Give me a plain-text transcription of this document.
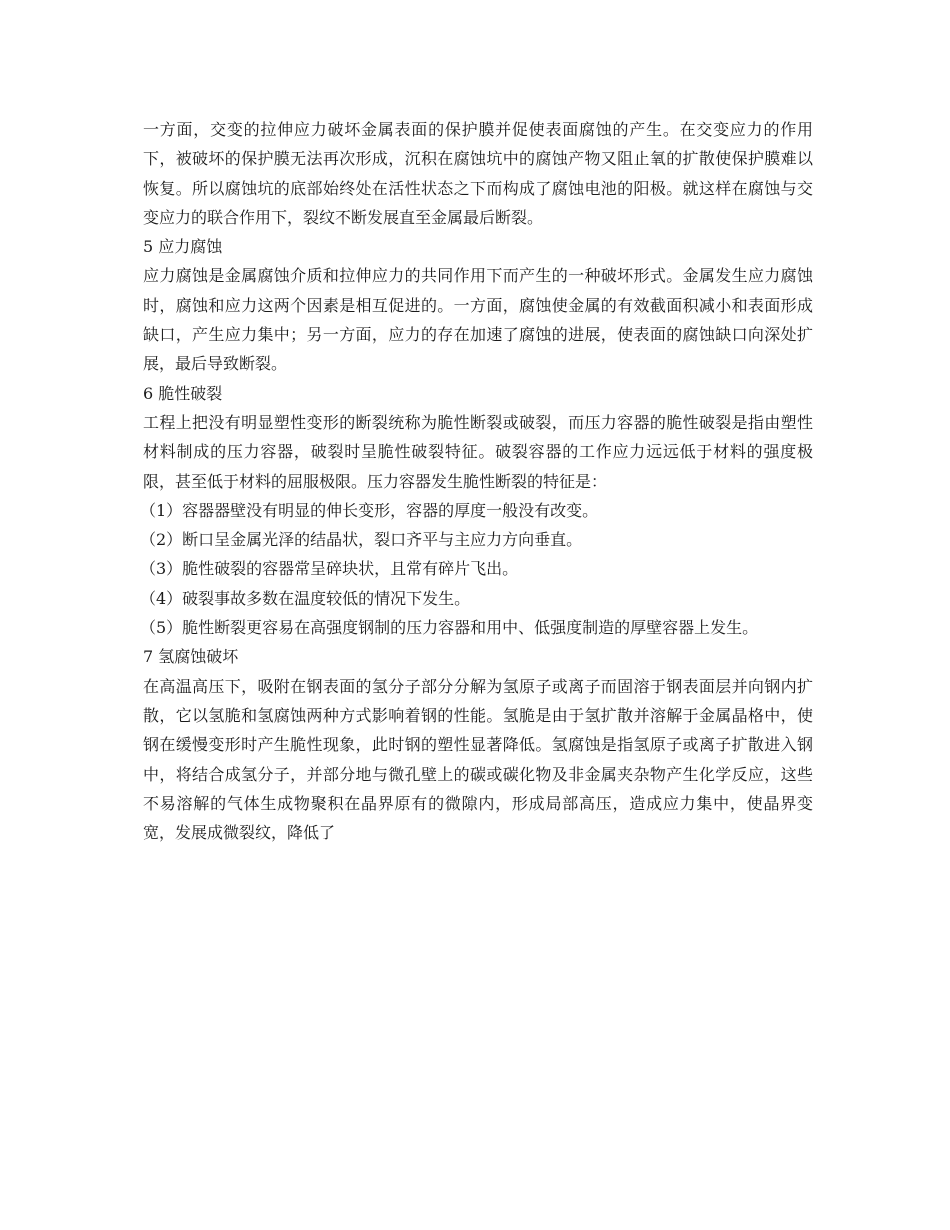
一方面，交变的拉伸应力破坏金属表面的保护膜并促使表面腐蚀的产生。在交变应力的作用下，被破坏的保护膜无法再次形成，沉积在腐蚀坑中的腐蚀产物又阻止氧的扩散使保护膜难以恢复。所以腐蚀坑的底部始终处在活性状态之下而构成了腐蚀电池的阳极。就这样在腐蚀与交变应力的联合作用下，裂纹不断发展直至金属最后断裂。

5 应力腐蚀

应力腐蚀是金属腐蚀介质和拉伸应力的共同作用下而产生的一种破坏形式。金属发生应力腐蚀时，腐蚀和应力这两个因素是相互促进的。一方面，腐蚀使金属的有效截面积减小和表面形成缺口，产生应力集中；另一方面，应力的存在加速了腐蚀的进展，使表面的腐蚀缺口向深处扩展，最后导致断裂。

6 脆性破裂

工程上把没有明显塑性变形的断裂统称为脆性断裂或破裂，而压力容器的脆性破裂是指由塑性材料制成的压力容器，破裂时呈脆性破裂特征。破裂容器的工作应力远远低于材料的强度极限，甚至低于材料的屈服极限。压力容器发生脆性断裂的特征是：

（1）容器器壁没有明显的伸长变形，容器的厚度一般没有改变。

（2）断口呈金属光泽的结晶状，裂口齐平与主应力方向垂直。

（3）脆性破裂的容器常呈碎块状，且常有碎片飞出。

（4）破裂事故多数在温度较低的情况下发生。

（5）脆性断裂更容易在高强度钢制的压力容器和用中、低强度制造的厚壁容器上发生。

7 氢腐蚀破坏

在高温高压下，吸附在钢表面的氢分子部分分解为氢原子或离子而固溶于钢表面层并向钢内扩散，它以氢脆和氢腐蚀两种方式影响着钢的性能。氢脆是由于氢扩散并溶解于金属晶格中，使钢在缓慢变形时产生脆性现象，此时钢的塑性显著降低。氢腐蚀是指氢原子或离子扩散进入钢中，将结合成氢分子，并部分地与微孔壁上的碳或碳化物及非金属夹杂物产生化学反应，这些不易溶解的气体生成物聚积在晶界原有的微隙内，形成局部高压，造成应力集中，使晶界变宽，发展成微裂纹，降低了
